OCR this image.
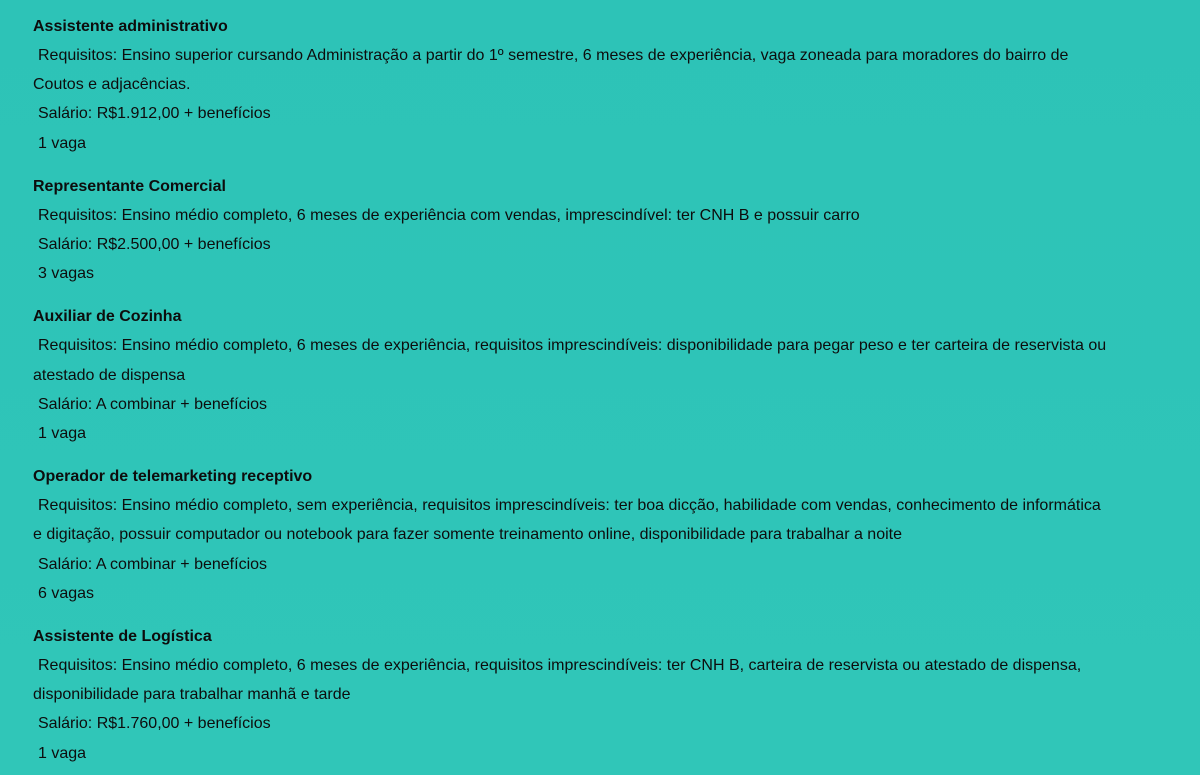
Assistente administrativo
Requisitos: Ensino superior cursando Administração a partir do 1º semestre, 6 meses de experiência, vaga zoneada para moradores do bairro de Coutos e adjacências.
Salário: R$1.912,00 + benefícios
1 vaga
Representante Comercial
Requisitos: Ensino médio completo, 6 meses de experiência com vendas, imprescindível: ter CNH B e possuir carro
Salário: R$2.500,00 + benefícios
3 vagas
Auxiliar de Cozinha
Requisitos: Ensino médio completo, 6 meses de experiência, requisitos imprescindíveis: disponibilidade para pegar peso e ter carteira de reservista ou atestado de dispensa
Salário: A combinar + benefícios
1 vaga
Operador de telemarketing receptivo
Requisitos: Ensino médio completo, sem experiência, requisitos imprescindíveis: ter boa dicção, habilidade com vendas, conhecimento de informática e digitação, possuir computador ou notebook para fazer somente treinamento online, disponibilidade para trabalhar a noite
Salário: A combinar + benefícios
6 vagas
Assistente de Logística
Requisitos: Ensino médio completo, 6 meses de experiência, requisitos imprescindíveis: ter CNH B, carteira de reservista ou atestado de dispensa, disponibilidade para trabalhar manhã e tarde
Salário: R$1.760,00 + benefícios
1 vaga
